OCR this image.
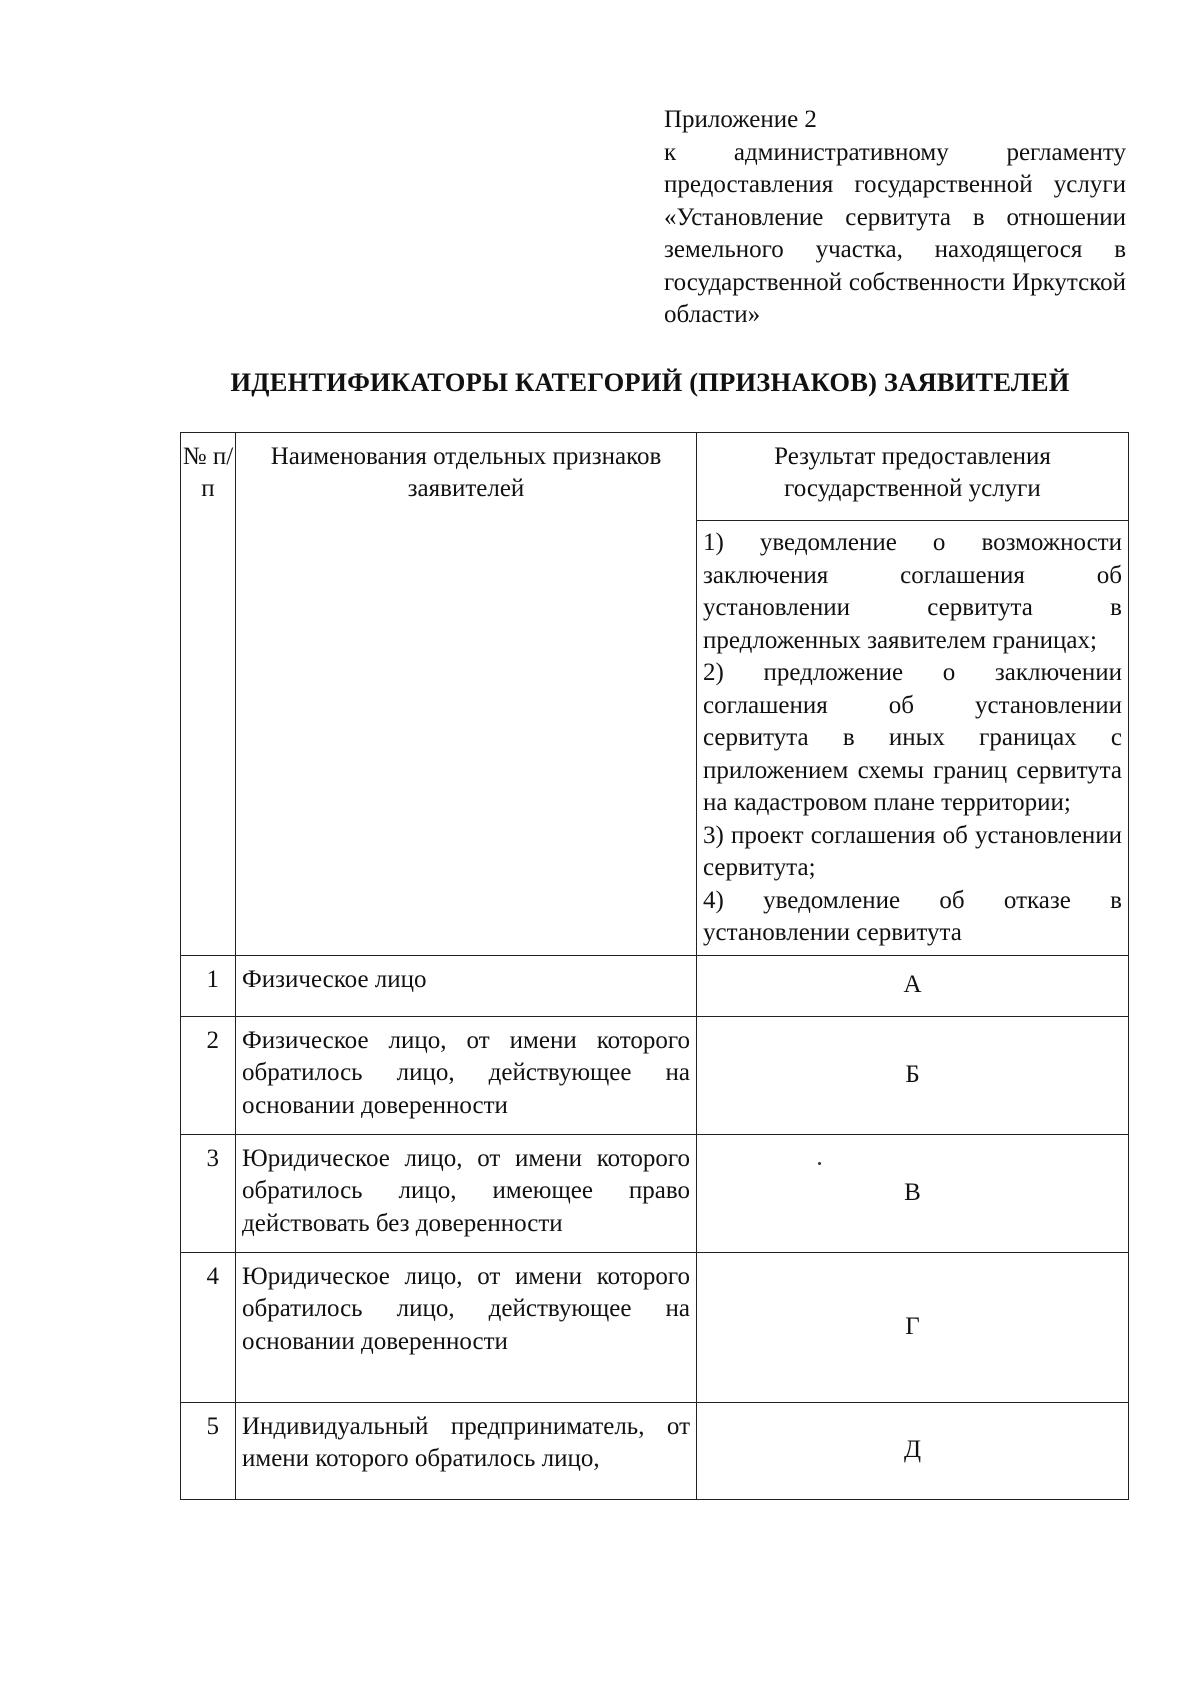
Приложение 2
к административному регламенту предоставления государственной услуги «Установление сервитута в отношении земельного участка, находящегося в государственной собственности Иркутской области»
ИДЕНТИФИКАТОРЫ КАТЕГОРИЙ (ПРИЗНАКОВ) ЗАЯВИТЕЛЕЙ
№ п/п	Наименования отдельных признаков заявителей	Результат предоставления государственной услуги

		1) уведомление о возможности заключения соглашения об установлении сервитута в предложенных заявителем границах;

2) предложение о заключении соглашения об установлении сервитута в иных границах с приложением схемы границ сервитута на кадастровом плане территории;

3) проект соглашения об установлении сервитута;

4) уведомление об отказе в установлении сервитута

1	Физическое лицо	А
2	Физическое лицо, от имени которого обратилось лицо, действующее на основании доверенности	Б
3	Юридическое лицо, от имени которого обратилось лицо, имеющее право действовать без доверенности	В
4	Юридическое лицо, от имени которого обратилось лицо, действующее на основании доверенности	Г
5	Индивидуальный предприниматель, от имени которого обратилось лицо,	Д
